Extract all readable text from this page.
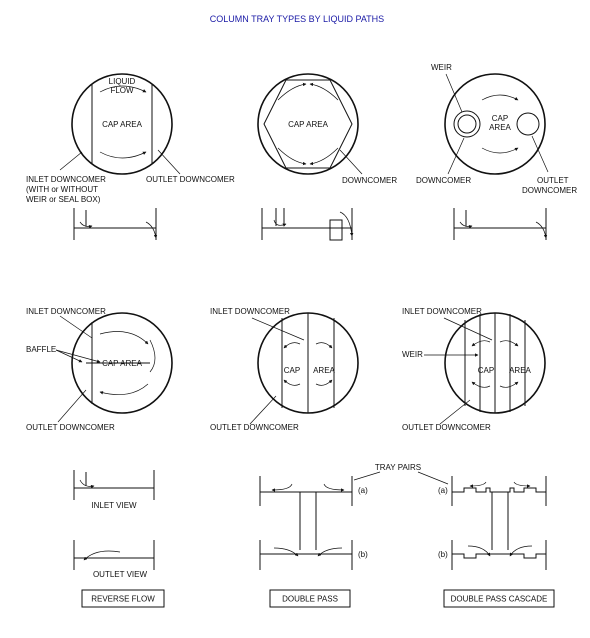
COLUMN TRAY TYPES BY LIQUID PATHS
LIQUID
FLOW
CAP AREA
INLET DOWNCOMER
(WITH or WITHOUT
WEIR or SEAL BOX)
OUTLET DOWNCOMER
CAP AREA
DOWNCOMER
CAP
AREA
WEIR
DOWNCOMER	OUTLET
DOWNCOMER
CAP AREA
INLET DOWNCOMER
BAFFLE
OUTLET DOWNCOMER
CAP AREA
INLET DOWNCOMER
OUTLET DOWNCOMER
CAP AREA
INLET DOWNCOMER
WEIR
OUTLET DOWNCOMER
INLET VIEW
OUTLET VIEW
(a)
(b)
TRAY PAIRS
(a)
(b)
REVERSE FLOW	DOUBLE PASS	DOUBLE PASS CASCADE
